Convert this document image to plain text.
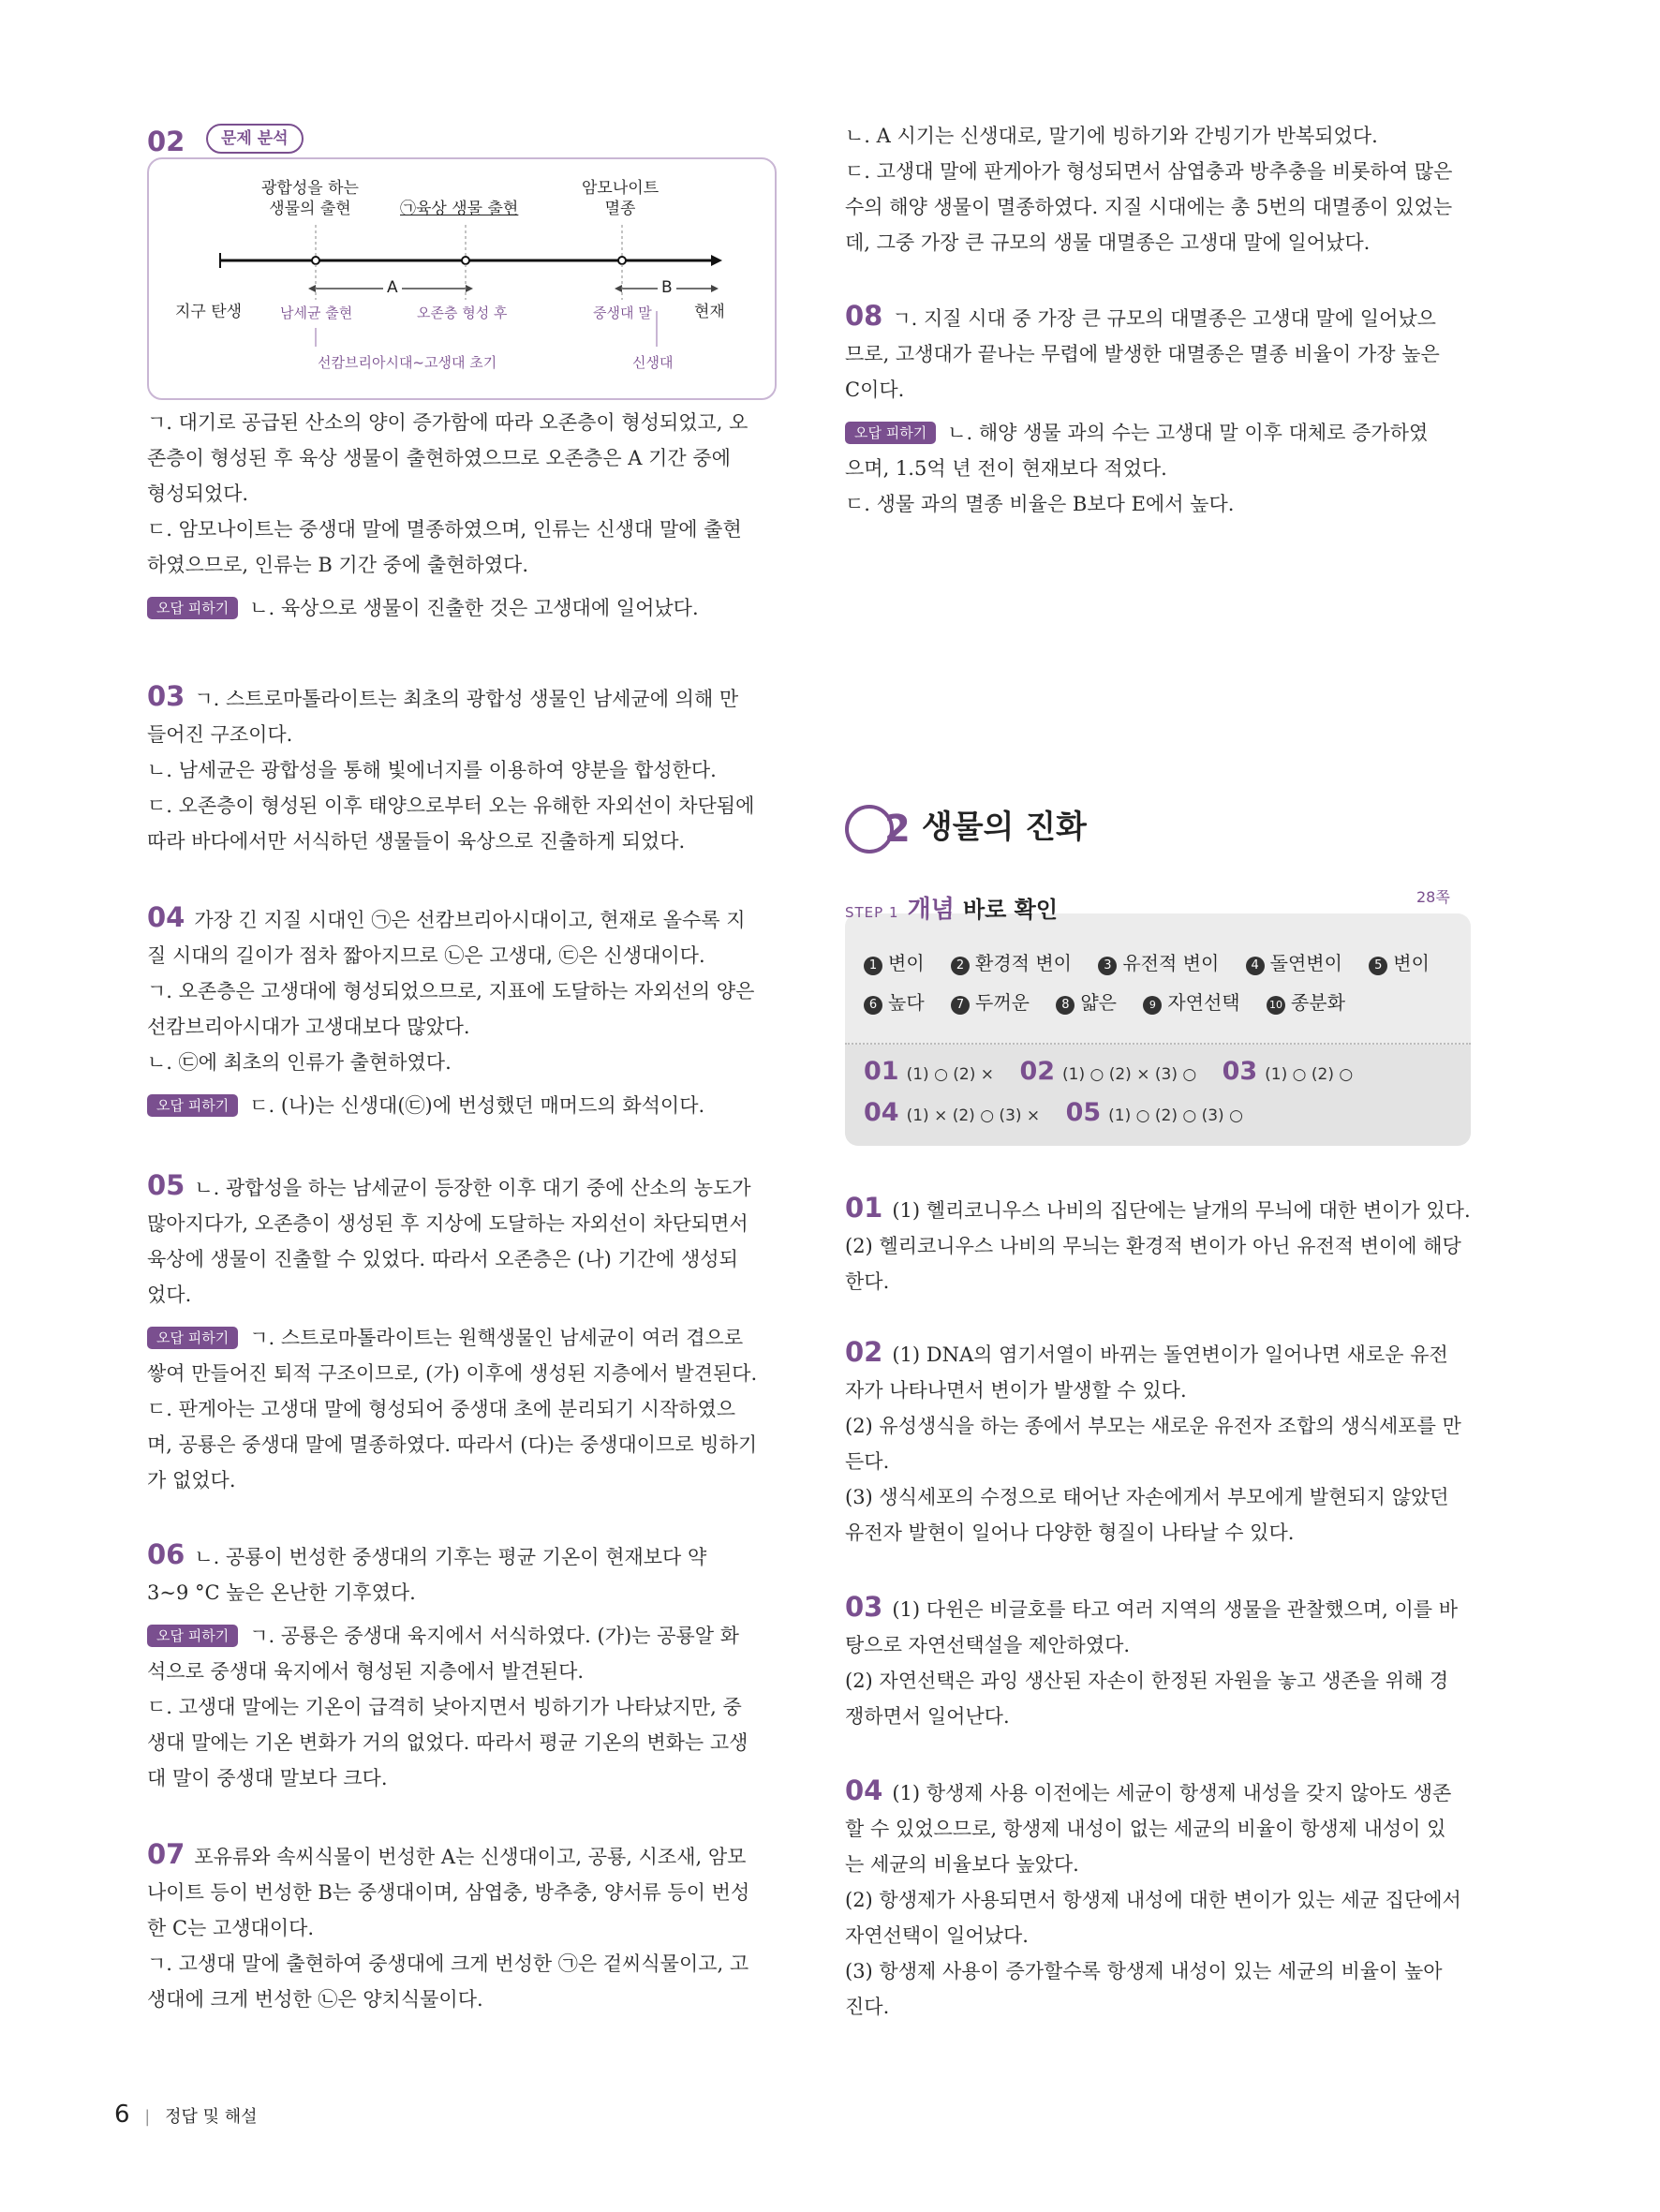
02	문제 분석
광합성을 하는
생물의 출현	㉠육상 생물 출현
암모나이트
멸종
A	B
지구 탄생	남세균 출현	오존층 형성 후	중생대 말	현재
선캄브리아시대~고생대 초기	신생대
ㄱ. 대기로 공급된 산소의 양이 증가함에 따라 오존층이 형성되었고, 오
존층이 형성된 후 육상 생물이 출현하였으므로 오존층은 A 기간 중에
형성되었다.
ㄷ. 암모나이트는 중생대 말에 멸종하였으며, 인류는 신생대 말에 출현
하였으므로, 인류는 B 기간 중에 출현하였다.
오답 피하기 ㄴ. 육상으로 생물이 진출한 것은 고생대에 일어났다.
03 ㄱ. 스트로마톨라이트는 최초의 광합성 생물인 남세균에 의해 만
들어진 구조이다.
ㄴ. 남세균은 광합성을 통해 빛에너지를 이용하여 양분을 합성한다.
ㄷ. 오존층이 형성된 이후 태양으로부터 오는 유해한 자외선이 차단됨에
따라 바다에서만 서식하던 생물들이 육상으로 진출하게 되었다.
04 가장 긴 지질 시대인 ㉠은 선캄브리아시대이고, 현재로 올수록 지
질 시대의 길이가 점차 짧아지므로 ㉡은 고생대, ㉢은 신생대이다.
ㄱ. 오존층은 고생대에 형성되었으므로, 지표에 도달하는 자외선의 양은
선캄브리아시대가 고생대보다 많았다.
ㄴ. ㉢에 최초의 인류가 출현하였다.
오답 피하기 ㄷ. (나)는 신생대(㉢)에 번성했던 매머드의 화석이다.
05 ㄴ. 광합성을 하는 남세균이 등장한 이후 대기 중에 산소의 농도가
많아지다가, 오존층이 생성된 후 지상에 도달하는 자외선이 차단되면서
육상에 생물이 진출할 수 있었다. 따라서 오존층은 (나) 기간에 생성되
었다.
오답 피하기 ㄱ. 스트로마톨라이트는 원핵생물인 남세균이 여러 겹으로
쌓여 만들어진 퇴적 구조이므로, (가) 이후에 생성된 지층에서 발견된다.
ㄷ. 판게아는 고생대 말에 형성되어 중생대 초에 분리되기 시작하였으
며, 공룡은 중생대 말에 멸종하였다. 따라서 (다)는 중생대이므로 빙하기
가 없었다.
06 ㄴ. 공룡이 번성한 중생대의 기후는 평균 기온이 현재보다 약
3~9 °C 높은 온난한 기후였다.
오답 피하기 ㄱ. 공룡은 중생대 육지에서 서식하였다. (가)는 공룡알 화
석으로 중생대 육지에서 형성된 지층에서 발견된다.
ㄷ. 고생대 말에는 기온이 급격히 낮아지면서 빙하기가 나타났지만, 중
생대 말에는 기온 변화가 거의 없었다. 따라서 평균 기온의 변화는 고생
대 말이 중생대 말보다 크다.
07 포유류와 속씨식물이 번성한 A는 신생대이고, 공룡, 시조새, 암모
나이트 등이 번성한 B는 중생대이며, 삼엽충, 방추충, 양서류 등이 번성
한 C는 고생대이다.
ㄱ. 고생대 말에 출현하여 중생대에 크게 번성한 ㉠은 겉씨식물이고, 고
생대에 크게 번성한 ㉡은 양치식물이다.
ㄴ. A 시기는 신생대로, 말기에 빙하기와 간빙기가 반복되었다.
ㄷ. 고생대 말에 판게아가 형성되면서 삼엽충과 방추충을 비롯하여 많은
수의 해양 생물이 멸종하였다. 지질 시대에는 총 5번의 대멸종이 있었는
데, 그중 가장 큰 규모의 생물 대멸종은 고생대 말에 일어났다.
08 ㄱ. 지질 시대 중 가장 큰 규모의 대멸종은 고생대 말에 일어났으
므로, 고생대가 끝나는 무렵에 발생한 대멸종은 멸종 비율이 가장 높은
C이다.
오답 피하기 ㄴ. 해양 생물 과의 수는 고생대 말 이후 대체로 증가하였
으며, 1.5억 년 전이 현재보다 적었다.
ㄷ. 생물 과의 멸종 비율은 B보다 E에서 높다.
2 생물의 진화
STEP 1 개념 바로 확인	28쪽
1 변이	2 환경적 변이	3 유전적 변이	4 돌연변이	5 변이
6 높다	7 두꺼운	8 얇은	9 자연선택	10 종분화
01 (1) ○ (2) × 02 (1) ○ (2) × (3) ○ 03 (1) ○ (2) ○
04 (1) × (2) ○ (3) × 05 (1) ○ (2) ○ (3) ○
01 (1) 헬리코니우스 나비의 집단에는 날개의 무늬에 대한 변이가 있다.
(2) 헬리코니우스 나비의 무늬는 환경적 변이가 아닌 유전적 변이에 해당
한다.
02 (1) DNA의 염기서열이 바뀌는 돌연변이가 일어나면 새로운 유전
자가 나타나면서 변이가 발생할 수 있다.
(2) 유성생식을 하는 종에서 부모는 새로운 유전자 조합의 생식세포를 만
든다.
(3) 생식세포의 수정으로 태어난 자손에게서 부모에게 발현되지 않았던
유전자 발현이 일어나 다양한 형질이 나타날 수 있다.
03 (1) 다윈은 비글호를 타고 여러 지역의 생물을 관찰했으며, 이를 바
탕으로 자연선택설을 제안하였다.
(2) 자연선택은 과잉 생산된 자손이 한정된 자원을 놓고 생존을 위해 경
쟁하면서 일어난다.
04 (1) 항생제 사용 이전에는 세균이 항생제 내성을 갖지 않아도 생존
할 수 있었으므로, 항생제 내성이 없는 세균의 비율이 항생제 내성이 있
는 세균의 비율보다 높았다.
(2) 항생제가 사용되면서 항생제 내성에 대한 변이가 있는 세균 집단에서
자연선택이 일어났다.
(3) 항생제 사용이 증가할수록 항생제 내성이 있는 세균의 비율이 높아
진다.
6 | 정답 및 해설
